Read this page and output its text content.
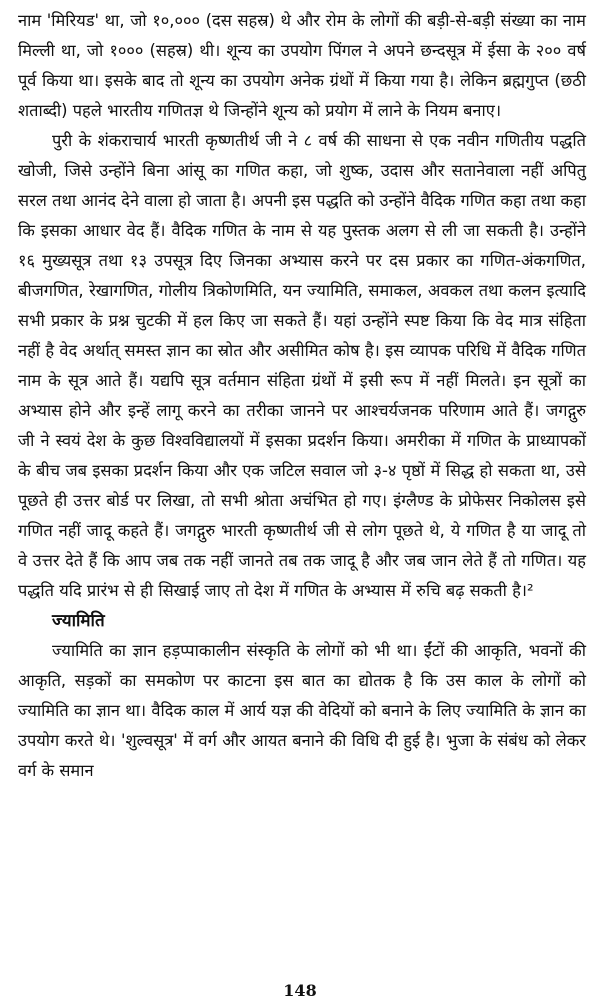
नाम 'मिरियड' था, जो १०,००० (दस सहस्र) थे और रोम के लोगों की बड़ी-से-बड़ी संख्या का नाम मिल्ली था, जो १००० (सहस्र) थी। शून्य का उपयोग पिंगल ने अपने छन्दसूत्र में ईसा के २०० वर्ष पूर्व किया था। इसके बाद तो शून्य का उपयोग अनेक ग्रंथों में किया गया है। लेकिन ब्रह्मगुप्त (छठी शताब्दी) पहले भारतीय गणितज्ञ थे जिन्होंने शून्य को प्रयोग में लाने के नियम बनाए।

पुरी के शंकराचार्य भारती कृष्णतीर्थ जी ने ८ वर्ष की साधना से एक नवीन गणितीय पद्धति खोजी, जिसे उन्होंने बिना आंसू का गणित कहा, जो शुष्क, उदास और सतानेवाला नहीं अपितु सरल तथा आनंद देने वाला हो जाता है। अपनी इस पद्धति को उन्होंने वैदिक गणित कहा तथा कहा कि इसका आधार वेद हैं। वैदिक गणित के नाम से यह पुस्तक अलग से ली जा सकती है। उन्होंने १६ मुख्यसूत्र तथा १३ उपसूत्र दिए जिनका अभ्यास करने पर दस प्रकार का गणित-अंकगणित, बीजगणित, रेखागणित, गोलीय त्रिकोणमिति, यन ज्यामिति, समाकल, अवकल तथा कलन इत्यादि सभी प्रकार के प्रश्न चुटकी में हल किए जा सकते हैं। यहां उन्होंने स्पष्ट किया कि वेद मात्र संहिता नहीं है वेद अर्थात् समस्त ज्ञान का स्रोत और असीमित कोष है। इस व्यापक परिधि में वैदिक गणित नाम के सूत्र आते हैं। यद्यपि सूत्र वर्तमान संहिता ग्रंथों में इसी रूप में नहीं मिलते। इन सूत्रों का अभ्यास होने और इन्हें लागू करने का तरीका जानने पर आश्चर्यजनक परिणाम आते हैं। जगद्गुरु जी ने स्वयं देश के कुछ विश्वविद्यालयों में इसका प्रदर्शन किया। अमरीका में गणित के प्राध्यापकों के बीच जब इसका प्रदर्शन किया और एक जटिल सवाल जो ३-४ पृष्ठों में सिद्ध हो सकता था, उसे पूछते ही उत्तर बोर्ड पर लिखा, तो सभी श्रोता अचंभित हो गए। इंग्लैण्ड के प्रोफेसर निकोलस इसे गणित नहीं जादू कहते हैं। जगद्गुरु भारती कृष्णतीर्थ जी से लोग पूछते थे, ये गणित है या जादू तो वे उत्तर देते हैं कि आप जब तक नहीं जानते तब तक जादू है और जब जान लेते हैं तो गणित। यह पद्धति यदि प्रारंभ से ही सिखाई जाए तो देश में गणित के अभ्यास में रुचि बढ़ सकती है।²

ज्यामिति

ज्यामिति का ज्ञान हड़प्पाकालीन संस्कृति के लोगों को भी था। ईंटों की आकृति, भवनों की आकृति, सड़कों का समकोण पर काटना इस बात का द्योतक है कि उस काल के लोगों को ज्यामिति का ज्ञान था। वैदिक काल में आर्य यज्ञ की वेदियों को बनाने के लिए ज्यामिति के ज्ञान का उपयोग करते थे। 'शुल्वसूत्र' में वर्ग और आयत बनाने की विधि दी हुई है। भुजा के संबंध को लेकर वर्ग के समान

148
